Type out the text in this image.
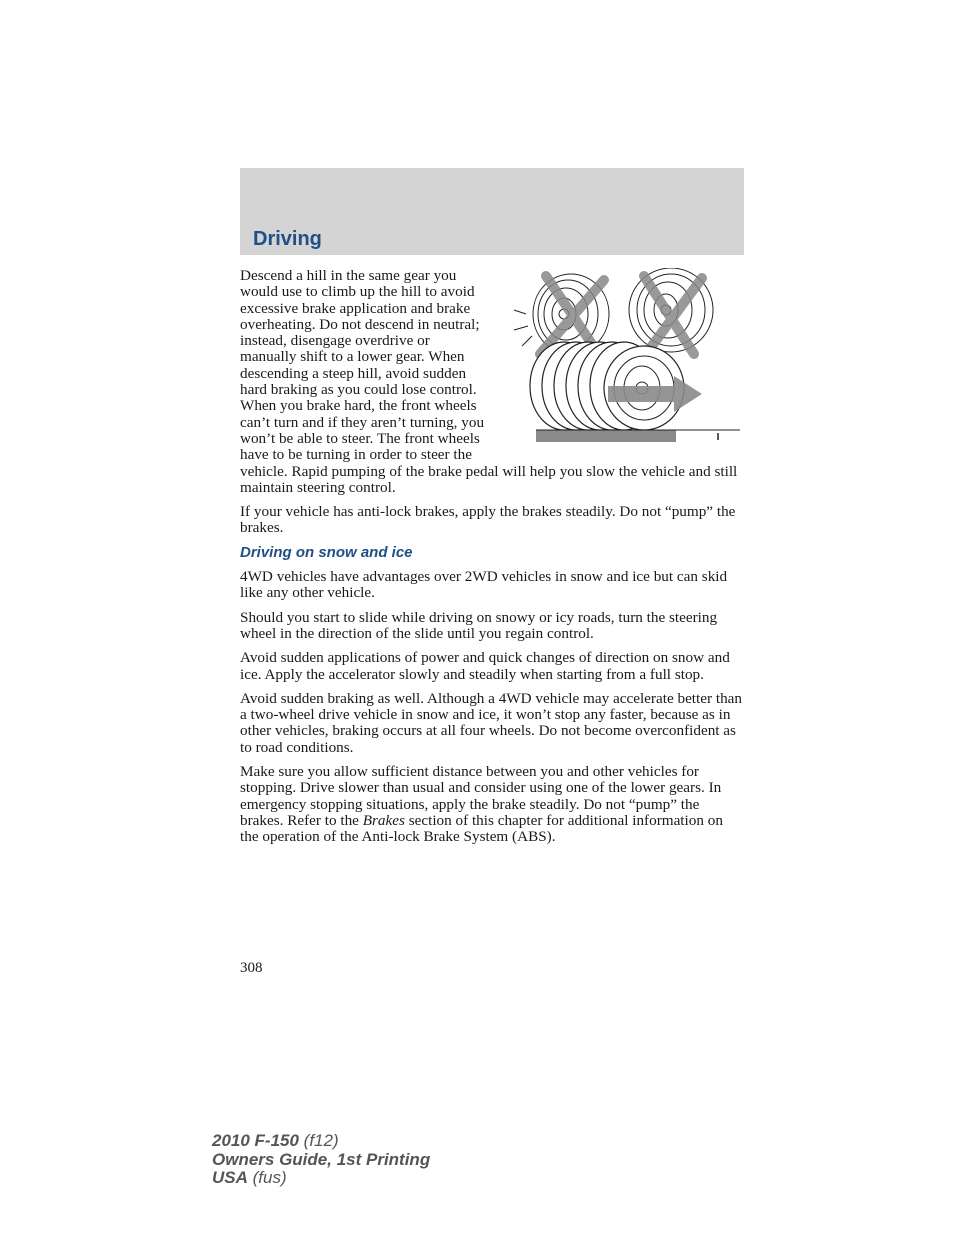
Driving

Descend a hill in the same gear you would use to climb up the hill to avoid excessive brake application and brake overheating. Do not descend in neutral; instead, disengage overdrive or manually shift to a lower gear. When descending a steep hill, avoid sudden hard braking as you could lose control. When you brake hard, the front wheels can’t turn and if they aren’t turning, you won’t be able to steer. The front wheels have to be turning in order to steer the vehicle. Rapid pumping of the brake pedal will help you slow the vehicle and still maintain steering control.

If your vehicle has anti-lock brakes, apply the brakes steadily. Do not “pump” the brakes.

Driving on snow and ice

4WD vehicles have advantages over 2WD vehicles in snow and ice but can skid like any other vehicle.

Should you start to slide while driving on snowy or icy roads, turn the steering wheel in the direction of the slide until you regain control.

Avoid sudden applications of power and quick changes of direction on snow and ice. Apply the accelerator slowly and steadily when starting from a full stop.

Avoid sudden braking as well. Although a 4WD vehicle may accelerate better than a two-wheel drive vehicle in snow and ice, it won’t stop any faster, because as in other vehicles, braking occurs at all four wheels. Do not become overconfident as to road conditions.

Make sure you allow sufficient distance between you and other vehicles for stopping. Drive slower than usual and consider using one of the lower gears. In emergency stopping situations, apply the brake steadily. Do not “pump” the brakes. Refer to the Brakes section of this chapter for additional information on the operation of the Anti-lock Brake System (ABS).

308
2010 F-150 (f12)
Owners Guide, 1st Printing
USA (fus)
